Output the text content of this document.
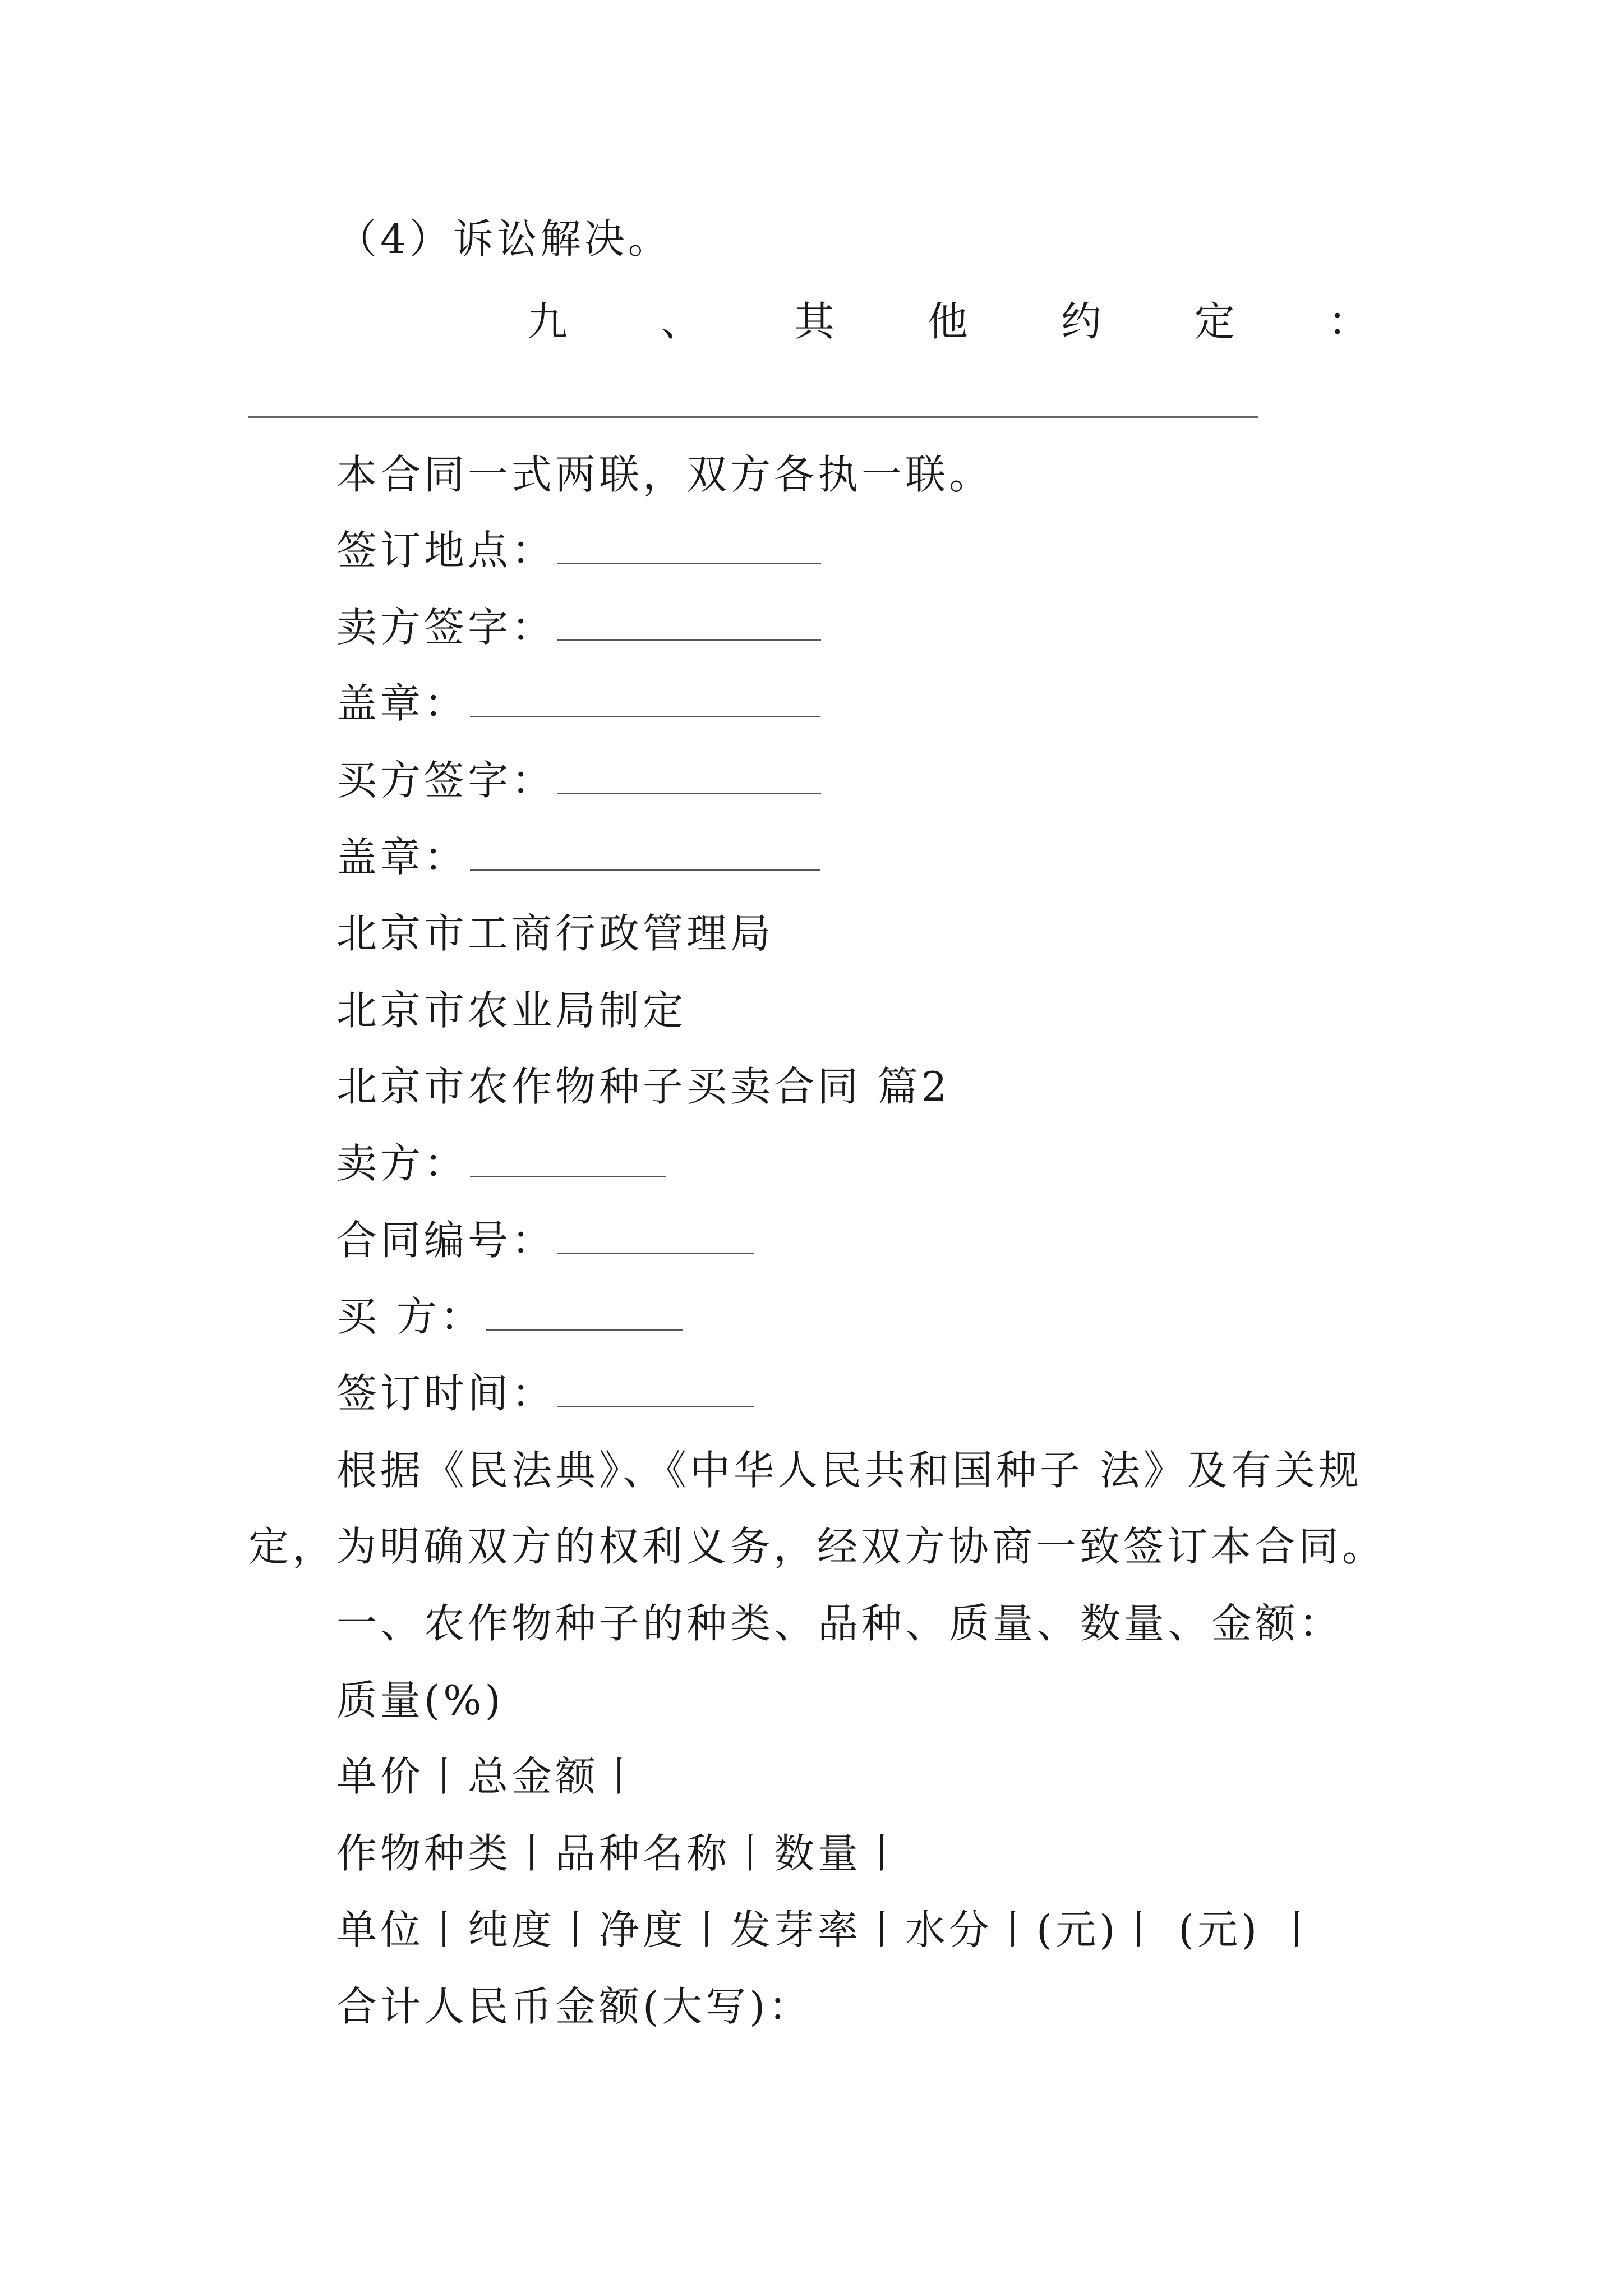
（4）诉讼解决。
九 、 其 他 约 定 ：
本合同一式两联，双方各执一联。
签订地点：
卖方签字：
盖章：
买方签字：
盖章：
北京市工商行政管理局
北京市农业局制定
北京市农作物种子买卖合同 篇2
卖方：
合同编号：
买 方：
签订时间：
根据《民法典》、《中华人民共和国种子 法》及有关规
定，为明确双方的权利义务，经双方协商一致签订本合同。
一、农作物种子的种类、品种、质量、数量、金额：
质量(%)
单价丨总金额丨
作物种类丨品种名称丨数量丨
单位丨纯度丨净度丨发芽率丨水分丨(元)丨 (元) 丨
合计人民币金额(大写)：
